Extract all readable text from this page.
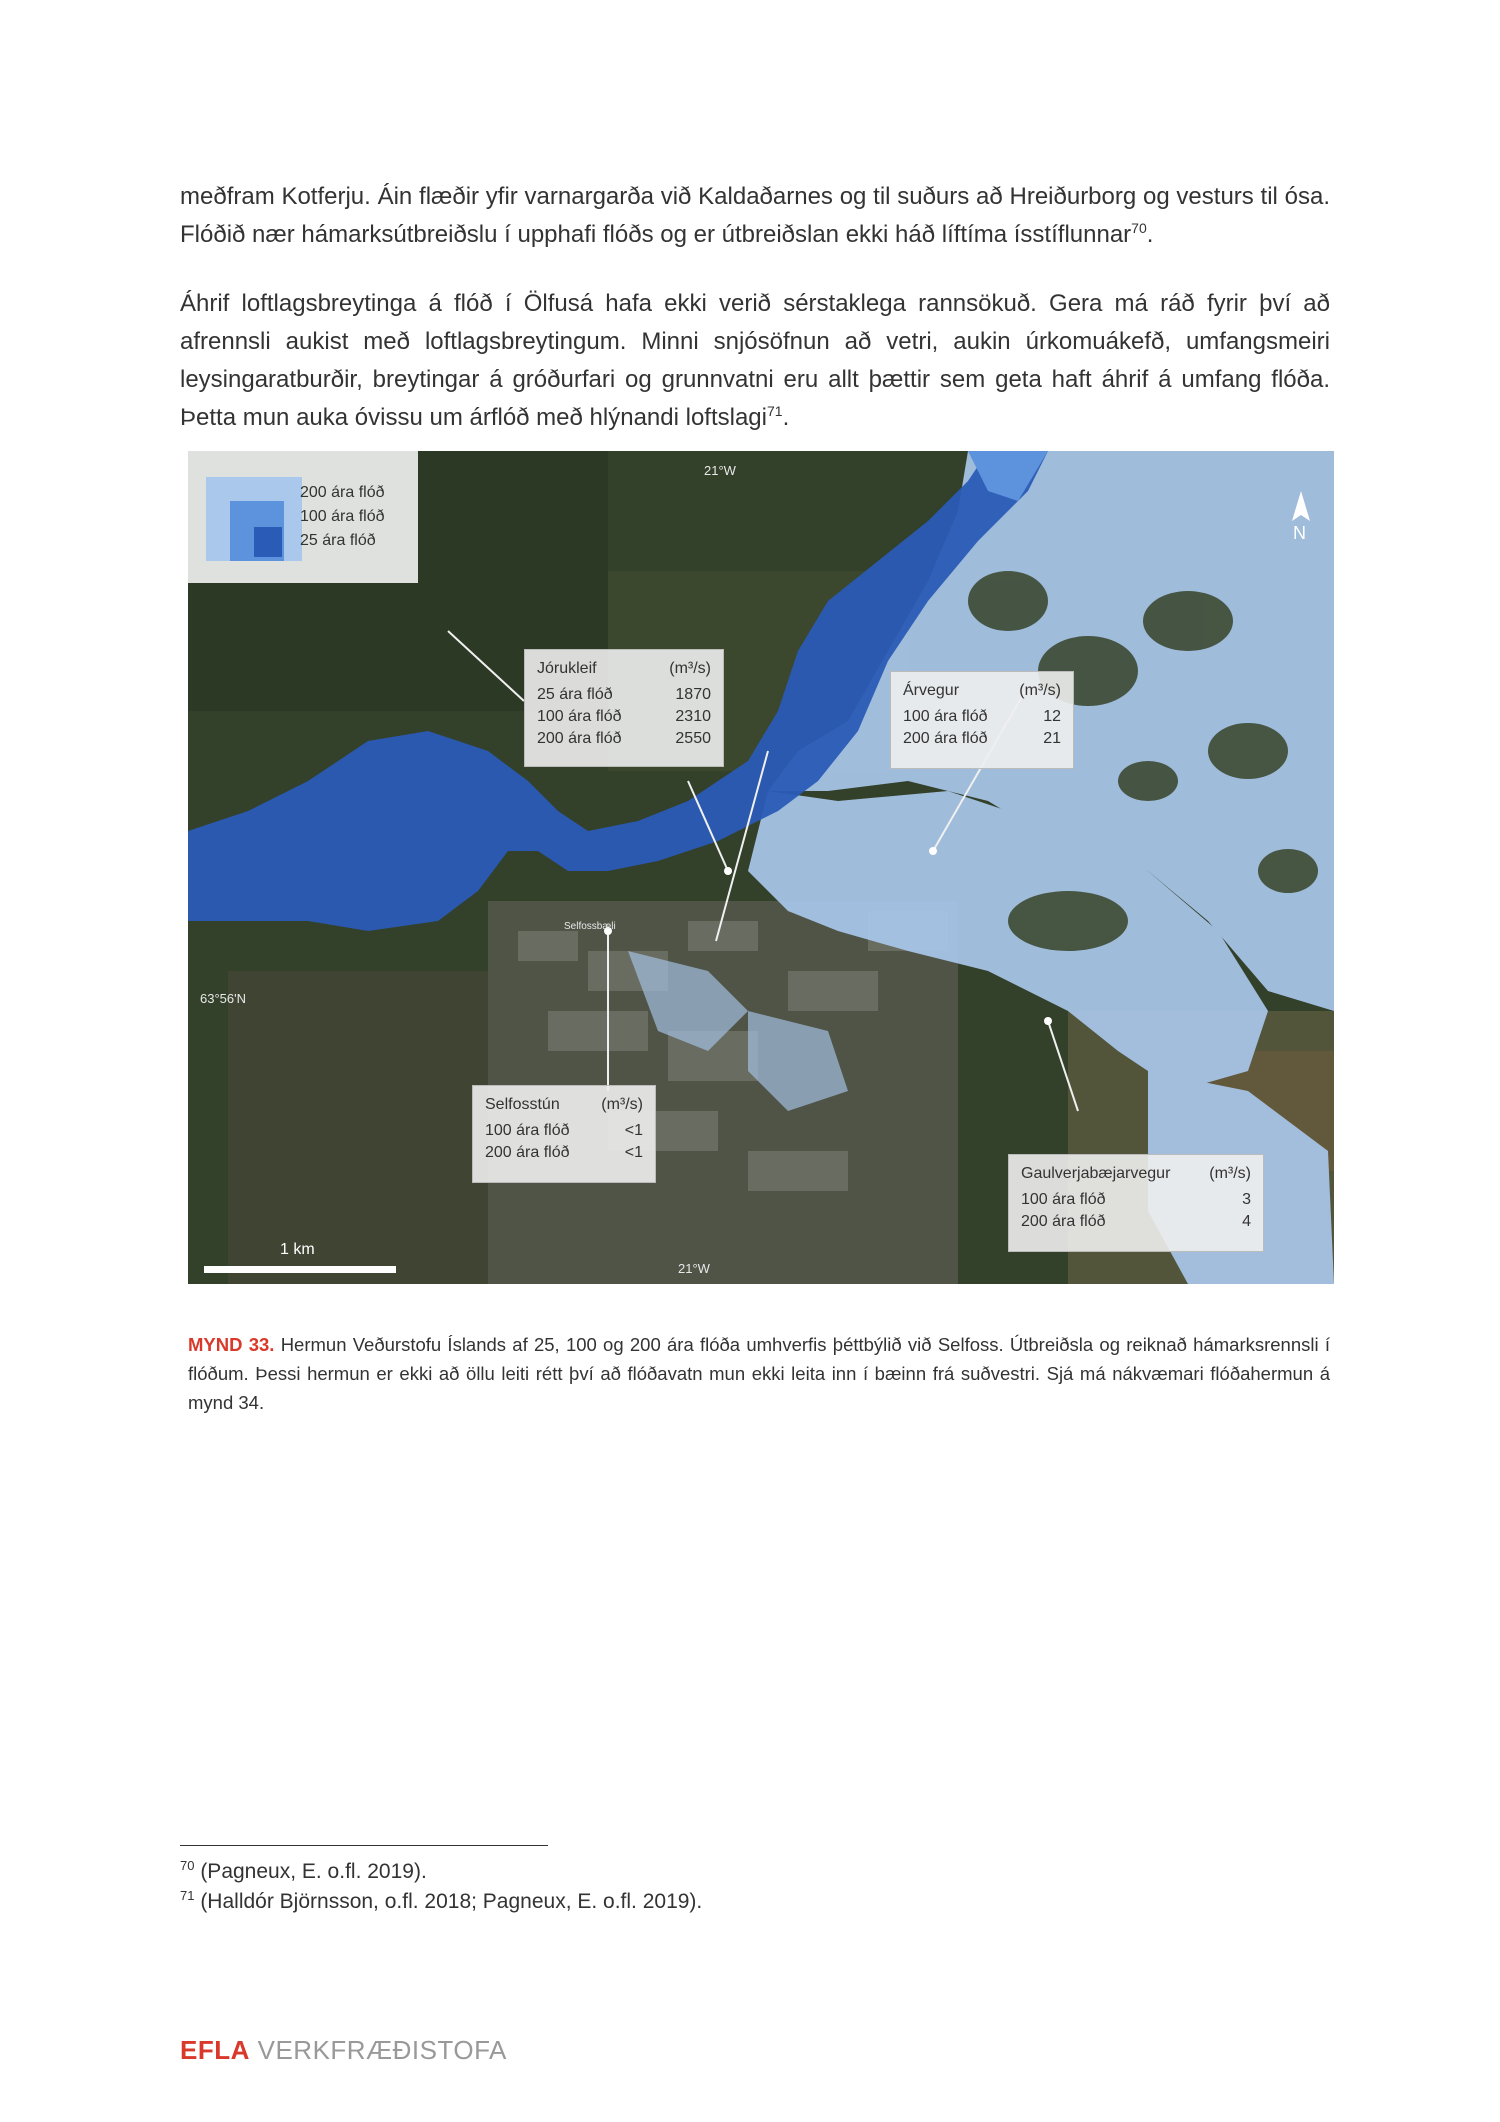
meðfram Kotferju. Áin flæðir yfir varnargarða við Kaldaðarnes og til suðurs að Hreiðurborg og vesturs til ósa. Flóðið nær hámarksútbreiðslu í upphafi flóðs og er útbreiðslan ekki háð líftíma ísstíflunnar$^{70}$.

Áhrif loftlagsbreytinga á flóð í Ölfusá hafa ekki verið sérstaklega rannsökuð. Gera má ráð fyrir því að afrennsli aukist með loftlagsbreytingum. Minni snjósöfnun að vetri, aukin úrkomuákefð, umfangsmeiri leysingaratburðir, breytingar á gróðurfari og grunnvatni eru allt þættir sem geta haft áhrif á umfang flóða. Þetta mun auka óvissu um árflóð með hlýnandi loftslagi$^{71}$.

200 ára flóð
100 ára flóð
25 ára flóð
21°W
21°W
63°56'N
N
Selfossbæli
1 km
Jórukleif	(m³/s)
25 ára flóð	1870
100 ára flóð	2310
200 ára flóð	2550
Árvegur	(m³/s)
100 ára flóð	12
200 ára flóð	21
Selfosstún	(m³/s)
100 ára flóð	<1
200 ára flóð	<1
Gaulverjabæjarvegur (m³/s)
100 ára flóð	3
200 ára flóð	4

MYND 33. Hermun Veðurstofu Íslands af 25, 100 og 200 ára flóða umhverfis þéttbýlið við Selfoss. Útbreiðsla og reiknað hámarksrennsli í flóðum. Þessi hermun er ekki að öllu leiti rétt því að flóðavatn mun ekki leita inn í bæinn frá suðvestri. Sjá má nákvæmari flóðahermun á mynd 34.

$^{70}$ (Pagneux, E. o.fl. 2019).
$^{71}$ (Halldór Björnsson, o.fl. 2018; Pagneux, E. o.fl. 2019).
EFLA VERKFRÆÐISTOFA
